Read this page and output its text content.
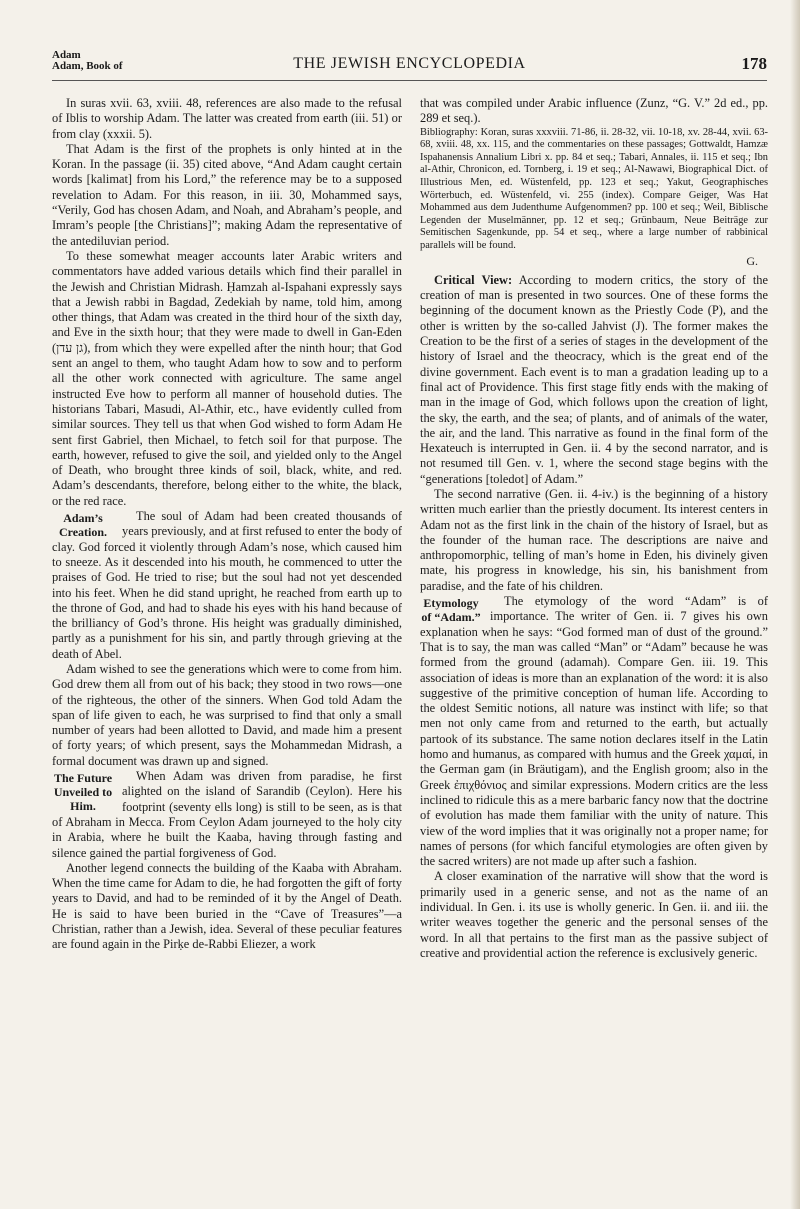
Adam
Adam, Book of	THE JEWISH ENCYCLOPEDIA	178

In suras xvii. 63, xviii. 48, references are also made to the refusal of Iblis to worship Adam. The latter was created from earth (iii. 51) or from clay (xxxii. 5).

That Adam is the first of the prophets is only hinted at in the Koran. In the passage (ii. 35) cited above, “And Adam caught certain words [kalimat] from his Lord,” the reference may be to a supposed revelation to Adam. For this reason, in iii. 30, Mohammed says, “Verily, God has chosen Adam, and Noah, and Abraham’s people, and Imram’s people [the Christians]”; making Adam the representative of the antediluvian period.

To these somewhat meager accounts later Arabic writers and commentators have added various details which find their parallel in the Jewish and Christian Midrash. Ḥamzah al-Ispahani expressly says that a Jewish rabbi in Bagdad, Zedekiah by name, told him, among other things, that Adam was created in the third hour of the sixth day, and Eve in the sixth hour; that they were made to dwell in Gan-Eden (גן עדן), from which they were expelled after the ninth hour; that God sent an angel to them, who taught Adam how to sow and to perform all the other work connected with agriculture. The same angel instructed Eve how to perform all manner of household duties. The historians Tabari, Masudi, Al-Athir, etc., have evidently culled from similar sources. They tell us that when God wished to form Adam He sent first Gabriel, then Michael, to fetch soil for that purpose. The earth, however, refused to give the soil, and yielded only to the Angel of Death, who brought three kinds of soil, black, white, and red. Adam’s descendants, therefore, belong either to the white, the black, or the red race.

Adam’s Creation.

The soul of Adam had been created thousands of years previously, and at first refused to enter the body of clay. God forced it violently through Adam’s nose, which caused him to sneeze. As it descended into his mouth, he commenced to utter the praises of God. He tried to rise; but the soul had not yet descended into his feet. When he did stand upright, he reached from earth up to the throne of God, and had to shade his eyes with his hand because of the brilliancy of God’s throne. His height was gradually diminished, partly as a punishment for his sin, and partly through grieving at the death of Abel.

Adam wished to see the generations which were to come from him. God drew them all from out of his back; they stood in two rows—one of the righteous, the other of the sinners. When God told Adam the span of life given to each, he was surprised to find that only a small number of years had been allotted to David, and made him a present of forty years; of which present, says the Mohammedan Midrash, a formal document was drawn up and signed.

The Future Unveiled to Him.

When Adam was driven from paradise, he first alighted on the island of Sarandib (Ceylon). Here his footprint (seventy ells long) is still to be seen, as is that of Abraham in Mecca. From Ceylon Adam journeyed to the holy city in Arabia, where he built the Kaaba, having through fasting and silence gained the partial forgiveness of God.

Another legend connects the building of the Kaaba with Abraham. When the time came for Adam to die, he had forgotten the gift of forty years to David, and had to be reminded of it by the Angel of Death. He is said to have been buried in the “Cave of Treasures”—a Christian, rather than a Jewish, idea. Several of these peculiar features are found again in the Pirḳe de-Rabbi Eliezer, a work

that was compiled under Arabic influence (Zunz, “G. V.” 2d ed., pp. 289 et seq.).

Bibliography: Koran, suras xxxviii. 71-86, ii. 28-32, vii. 10-18, xv. 28-44, xvii. 63-68, xviii. 48, xx. 115, and the commentaries on these passages; Gottwaldt, Hamzæ Ispahanensis Annalium Libri x. pp. 84 et seq.; Tabari, Annales, ii. 115 et seq.; Ibn al-Athir, Chronicon, ed. Tornberg, i. 19 et seq.; Al-Nawawi, Biographical Dict. of Illustrious Men, ed. Wüstenfeld, pp. 123 et seq.; Yakut, Geographisches Wörterbuch, ed. Wüstenfeld, vi. 255 (index). Compare Geiger, Was Hat Mohammed aus dem Judenthume Aufgenommen? pp. 100 et seq.; Weil, Biblische Legenden der Muselmänner, pp. 12 et seq.; Grünbaum, Neue Beiträge zur Semitischen Sagenkunde, pp. 54 et seq., where a large number of rabbinical parallels will be found.

G.

Critical View: According to modern critics, the story of the creation of man is presented in two sources. One of these forms the beginning of the document known as the Priestly Code (P), and the other is written by the so-called Jahvist (J). The former makes the Creation to be the first of a series of stages in the development of the history of Israel and the theocracy, which is the great end of the divine government. Each event is to man a gradation leading up to a final act of Providence. This first stage fitly ends with the making of man in the image of God, which follows upon the creation of light, the sky, the earth, and the sea; of plants, and of animals of the water, the air, and the land. This narrative as found in the final form of the Hexateuch is interrupted in Gen. ii. 4 by the second narrator, and is not resumed till Gen. v. 1, where the second stage begins with the “generations [toledot] of Adam.”

The second narrative (Gen. ii. 4-iv.) is the beginning of a history written much earlier than the priestly document. Its interest centers in Adam not as the first link in the chain of the history of Israel, but as the founder of the human race. The descriptions are naive and anthropomorphic, telling of man’s home in Eden, his divinely given mate, his progress in knowledge, his sin, his banishment from paradise, and the fate of his children.

Etymology of “Adam.”

The etymology of the word “Adam” is of importance. The writer of Gen. ii. 7 gives his own explanation when he says: “God formed man of dust of the ground.” That is to say, the man was called “Man” or “Adam” because he was formed from the ground (adamah). Compare Gen. iii. 19. This association of ideas is more than an explanation of the word: it is also suggestive of the primitive conception of human life. According to the oldest Semitic notions, all nature was instinct with life; so that men not only came from and returned to the earth, but actually partook of its substance. The same notion declares itself in the Latin homo and humanus, as compared with humus and the Greek χαμαί, in the German gam (in Bräutigam), and the English groom; also in the Greek ἐπιχθόνιος and similar expressions. Modern critics are the less inclined to ridicule this as a mere barbaric fancy now that the doctrine of evolution has made them familiar with the unity of nature. This view of the word implies that it was originally not a proper name; for names of persons (for which fanciful etymologies are often given by the sacred writers) are not made up after such a fashion.

A closer examination of the narrative will show that the word is primarily used in a generic sense, and not as the name of an individual. In Gen. i. its use is wholly generic. In Gen. ii. and iii. the writer weaves together the generic and the personal senses of the word. In all that pertains to the first man as the passive subject of creative and providential action the reference is exclusively generic.
